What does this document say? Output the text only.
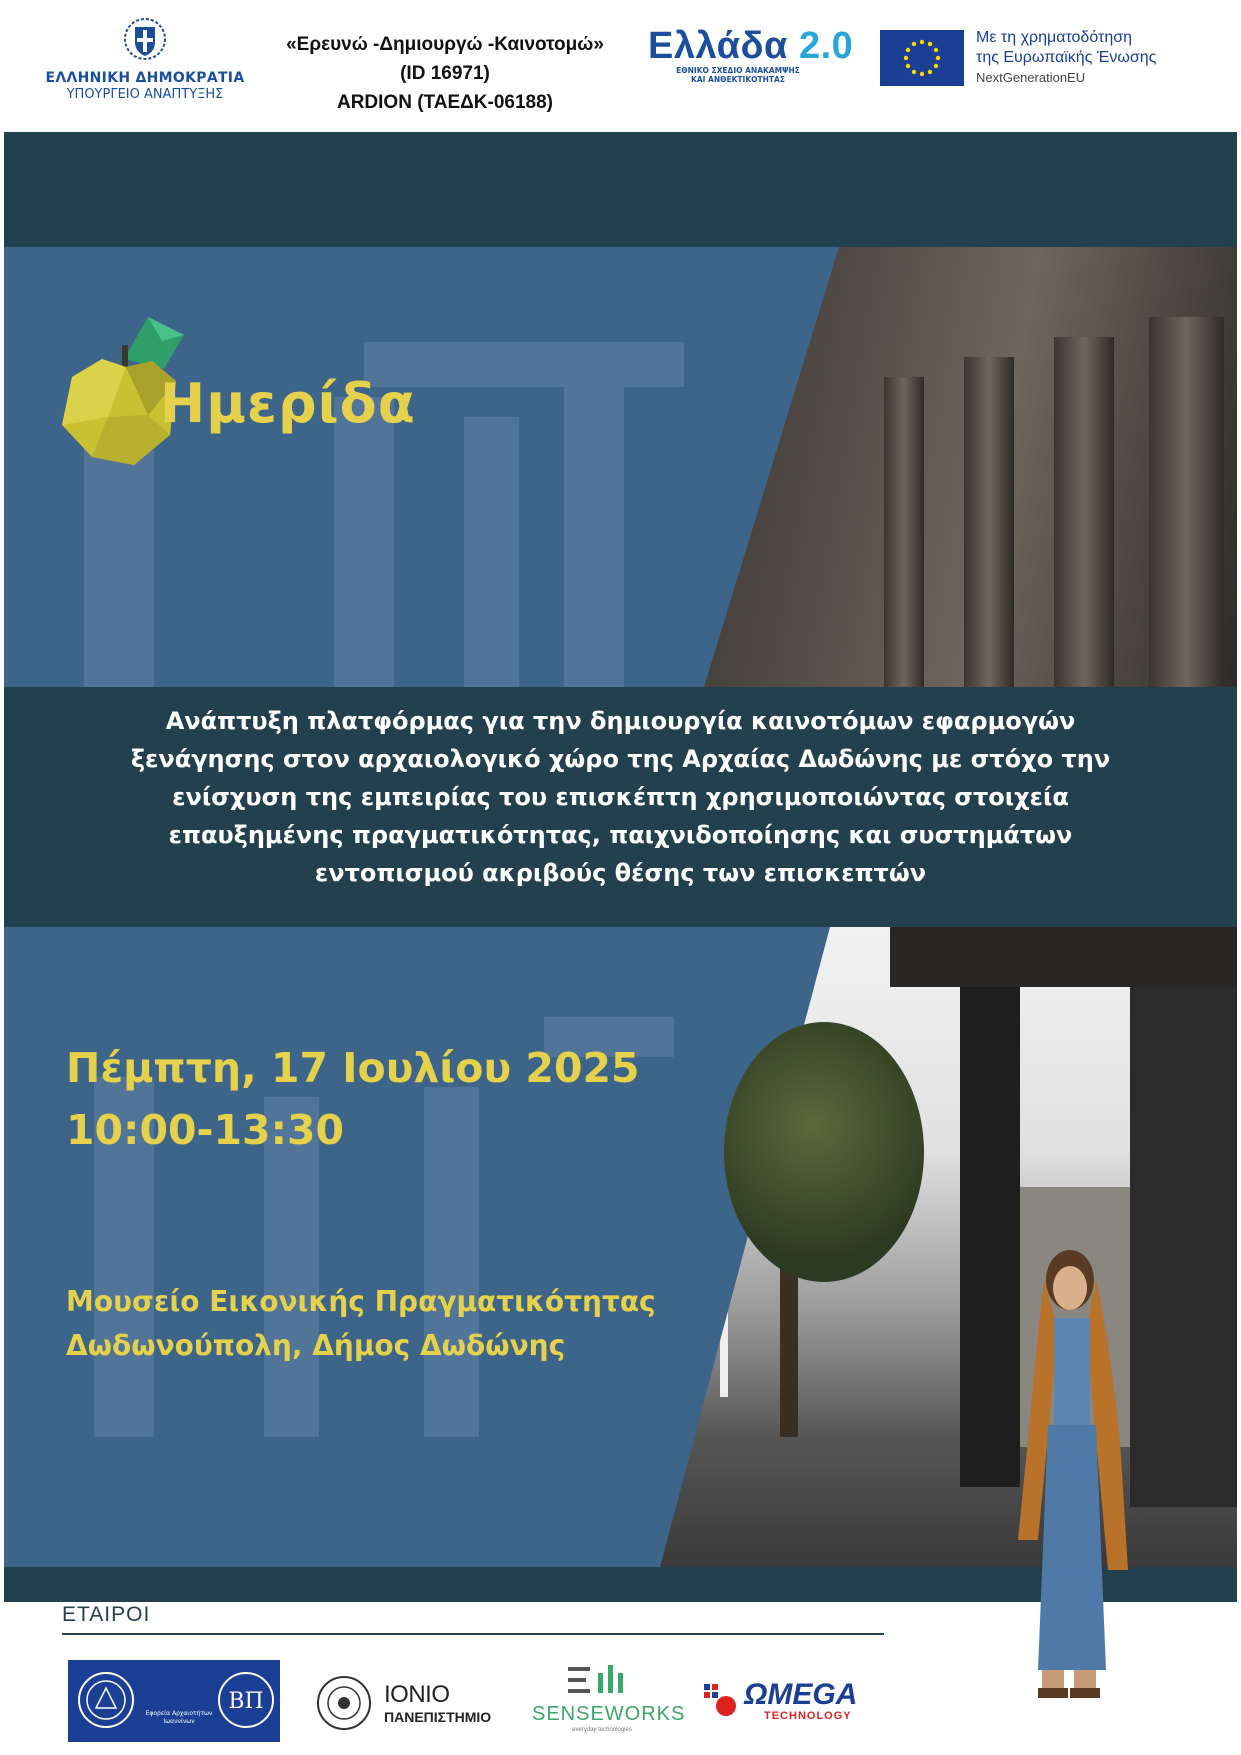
ΕΛΛΗΝΙΚΗ ΔΗΜΟΚΡΑΤΙΑ
ΥΠΟΥΡΓΕΙΟ ΑΝΑΠΤΥΞΗΣ
«Ερευνώ -Δημιουργώ -Καινοτομώ»
(ID 16971)
ARDION (ΤΑΕΔΚ-06188)
Ελλάδα 2.0
ΕΘΝΙΚΟ ΣΧΕΔΙΟ ΑΝΑΚΑΜΨΗΣ
ΚΑΙ ΑΝΘΕΚΤΙΚΟΤΗΤΑΣ
Με τη χρηματοδότηση
της Ευρωπαϊκής Ένωσης
NextGenerationEU
Ημερίδα
Ανάπτυξη πλατφόρμας για την δημιουργία καινοτόμων εφαρμογών
ξενάγησης στον αρχαιολογικό χώρο της Αρχαίας Δωδώνης με στόχο την
ενίσχυση της εμπειρίας του επισκέπτη χρησιμοποιώντας στοιχεία
επαυξημένης πραγματικότητας, παιχνιδοποίησης και συστημάτων
εντοπισμού ακριβούς θέσης των επισκεπτών
Πέμπτη, 17 Ιουλίου 2025
10:00-13:30
Μουσείο Εικονικής Πραγματικότητας
Δωδωνούπολη, Δήμος Δωδώνης
ΕΤΑΙΡΟΙ
Εφορεία Αρχαιοτήτων Ιωαννίνων
BΠ	ΙΟΝΙΟ
ΠΑΝΕΠΙΣΤΗΜΙΟ SENSEWORKS
everyday technologies
ΩMEGA
TECHNOLOGY
